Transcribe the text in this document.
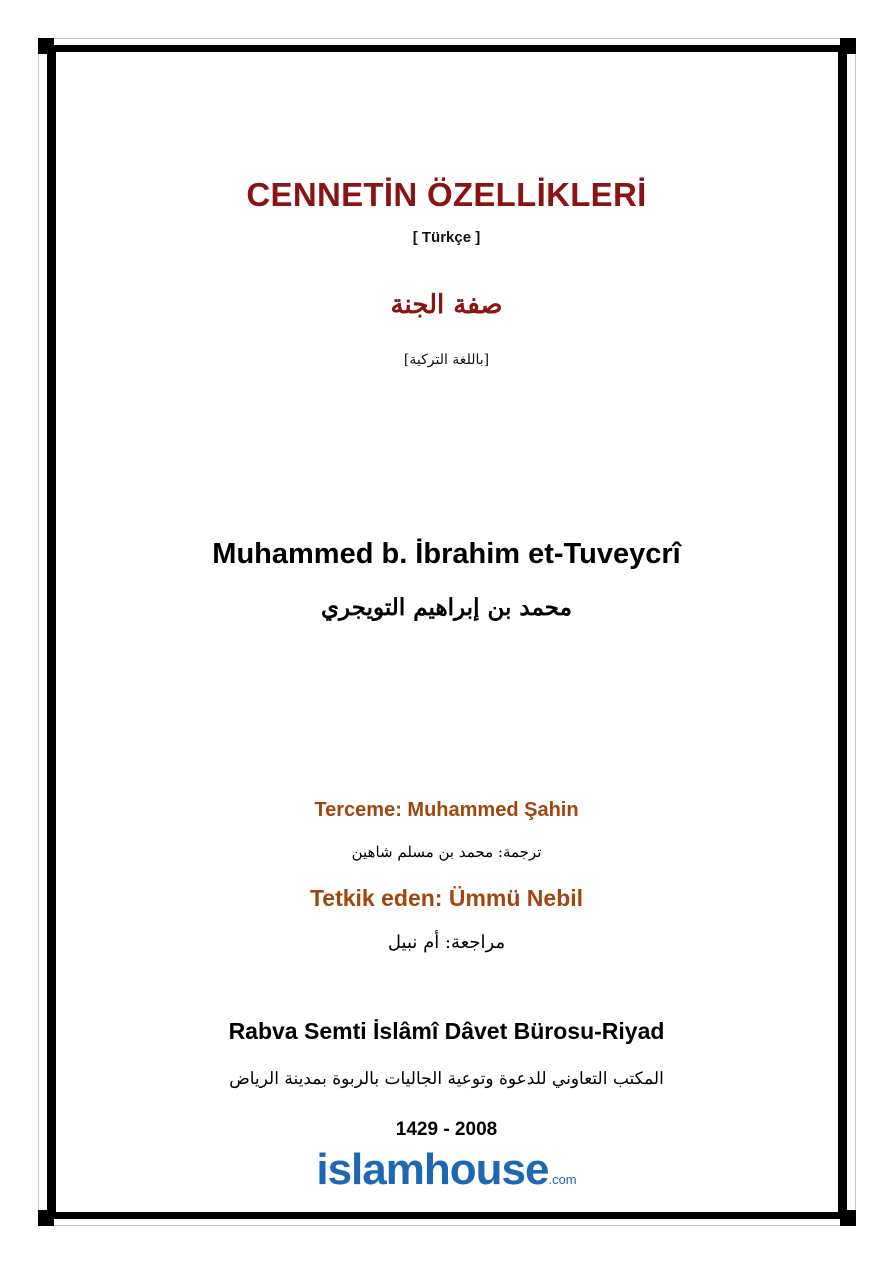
CENNETİN ÖZELLİKLERİ
[ Türkçe ]
صفة الجنة
[باللغة التركية]
Muhammed b. İbrahim et-Tuveycrî
محمد بن إبراهيم التويجري
Terceme: Muhammed Şahin
ترجمة: محمد بن مسلم شاهين
Tetkik eden: Ümmü Nebil
مراجعة: أم نبيل
Rabva Semti İslâmî Dâvet Bürosu-Riyad
المكتب التعاوني للدعوة وتوعية الجاليات بالربوة بمدينة الرياض
1429 - 2008
islamhouse.com
